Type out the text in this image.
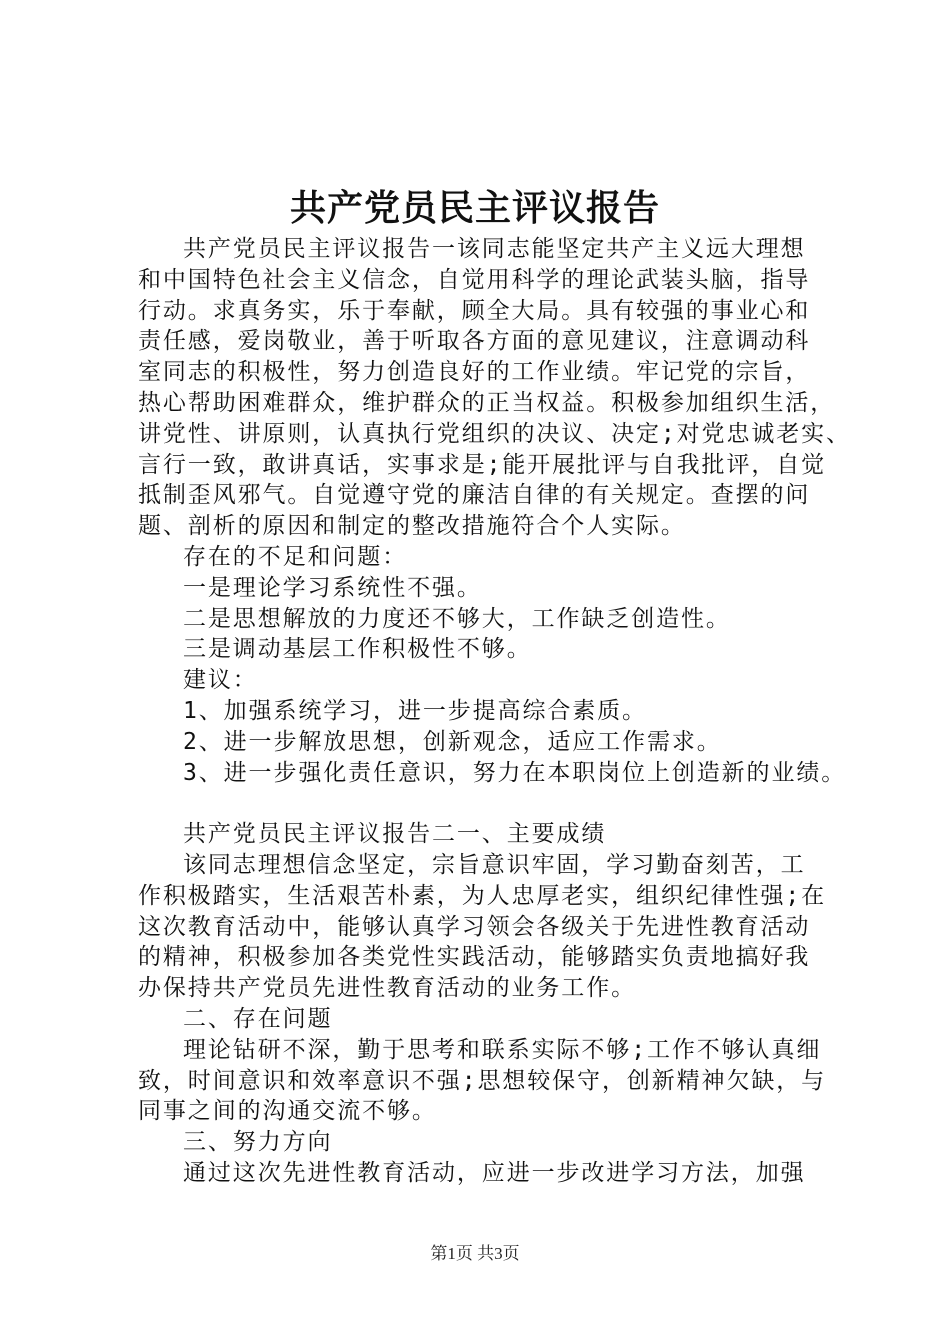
共产党员民主评议报告

共产党员民主评议报告一该同志能坚定共产主义远大理想

和中国特色社会主义信念，自觉用科学的理论武装头脑，指导

行动。求真务实，乐于奉献，顾全大局。具有较强的事业心和

责任感，爱岗敬业，善于听取各方面的意见建议，注意调动科

室同志的积极性，努力创造良好的工作业绩。牢记党的宗旨，

热心帮助困难群众，维护群众的正当权益。积极参加组织生活，

讲党性、讲原则，认真执行党组织的决议、决定;对党忠诚老实、

言行一致，敢讲真话，实事求是;能开展批评与自我批评，自觉

抵制歪风邪气。自觉遵守党的廉洁自律的有关规定。查摆的问

题、剖析的原因和制定的整改措施符合个人实际。

存在的不足和问题：

一是理论学习系统性不强。

二是思想解放的力度还不够大，工作缺乏创造性。

三是调动基层工作积极性不够。

建议：

1、加强系统学习，进一步提高综合素质。

2、进一步解放思想，创新观念，适应工作需求。

3、进一步强化责任意识，努力在本职岗位上创造新的业绩。

共产党员民主评议报告二一、主要成绩

该同志理想信念坚定，宗旨意识牢固，学习勤奋刻苦，工

作积极踏实，生活艰苦朴素，为人忠厚老实，组织纪律性强;在

这次教育活动中，能够认真学习领会各级关于先进性教育活动

的精神，积极参加各类党性实践活动，能够踏实负责地搞好我

办保持共产党员先进性教育活动的业务工作。

二、存在问题

理论钻研不深，勤于思考和联系实际不够;工作不够认真细

致，时间意识和效率意识不强;思想较保守，创新精神欠缺，与

同事之间的沟通交流不够。

三、努力方向

通过这次先进性教育活动，应进一步改进学习方法，加强

第1页 共3页
